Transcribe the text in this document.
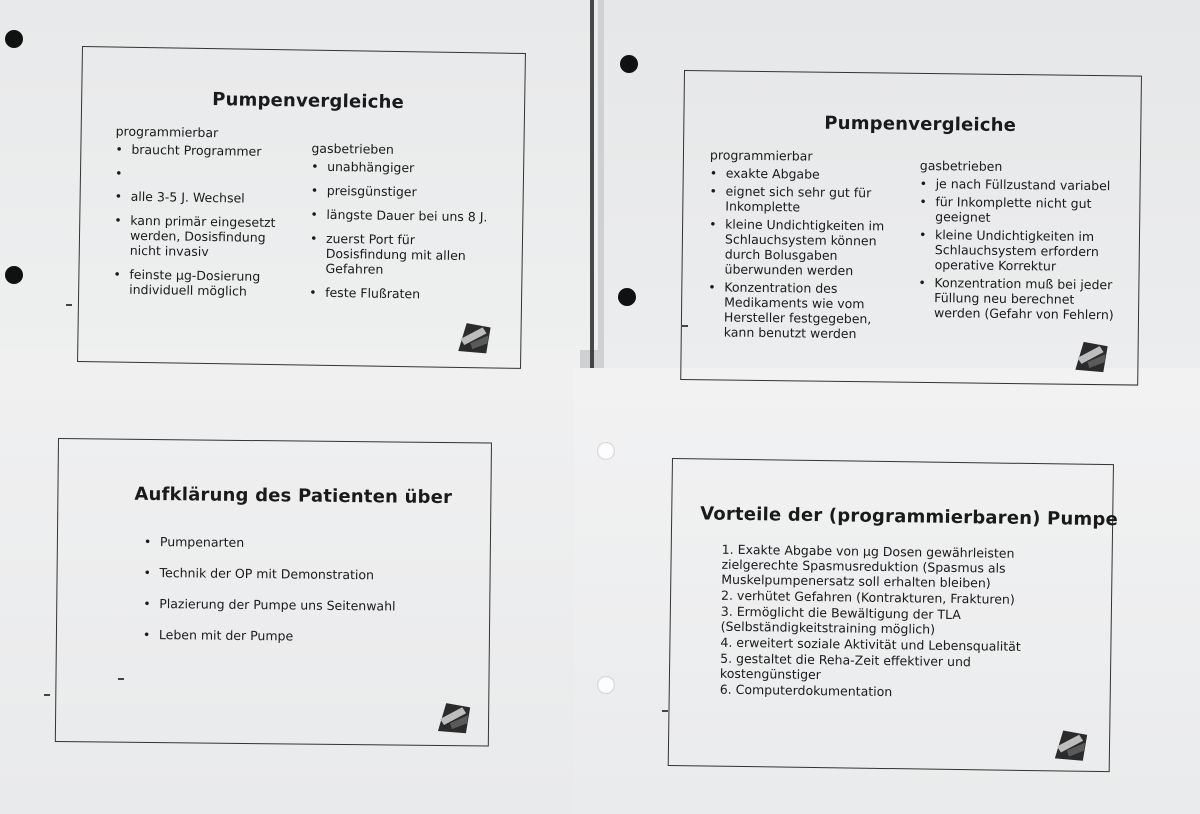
Pumpenvergleiche
programmierbar
• braucht Programmer
•
• alle 3-5 J. Wechsel
• kann primär eingesetzt werden, Dosisfindung nicht invasiv
• feinste µg-Dosierung individuell möglich
gasbetrieben
• unabhängiger
• preisgünstiger
• längste Dauer bei uns 8 J.
• zuerst Port für Dosisfindung mit allen Gefahren
• feste Flußraten
Pumpenvergleiche
programmierbar
• exakte Abgabe
• eignet sich sehr gut für Inkomplette
• kleine Undichtigkeiten im Schlauchsystem können durch Bolusgaben überwunden werden
• Konzentration des Medikaments wie vom Hersteller festgegeben, kann benutzt werden
gasbetrieben
• je nach Füllzustand variabel
• für Inkomplette nicht gut geeignet
• kleine Undichtigkeiten im Schlauchsystem erfordern operative Korrektur
• Konzentration muß bei jeder Füllung neu berechnet werden (Gefahr von Fehlern)
Aufklärung des Patienten über
• Pumpenarten
• Technik der OP mit Demonstration
• Plazierung der Pumpe uns Seitenwahl
• Leben mit der Pumpe
Vorteile der (programmierbaren) Pumpe
1. Exakte Abgabe von µg Dosen gewährleisten zielgerechte Spasmusreduktion (Spasmus als Muskelpumpenersatz soll erhalten bleiben)
2. verhütet Gefahren (Kontrakturen, Frakturen)
3. Ermöglicht die Bewältigung der TLA (Selbständigkeitstraining möglich)
4. erweitert soziale Aktivität und Lebensqualität
5. gestaltet die Reha-Zeit effektiver und kostengünstiger
6. Computerdokumentation
